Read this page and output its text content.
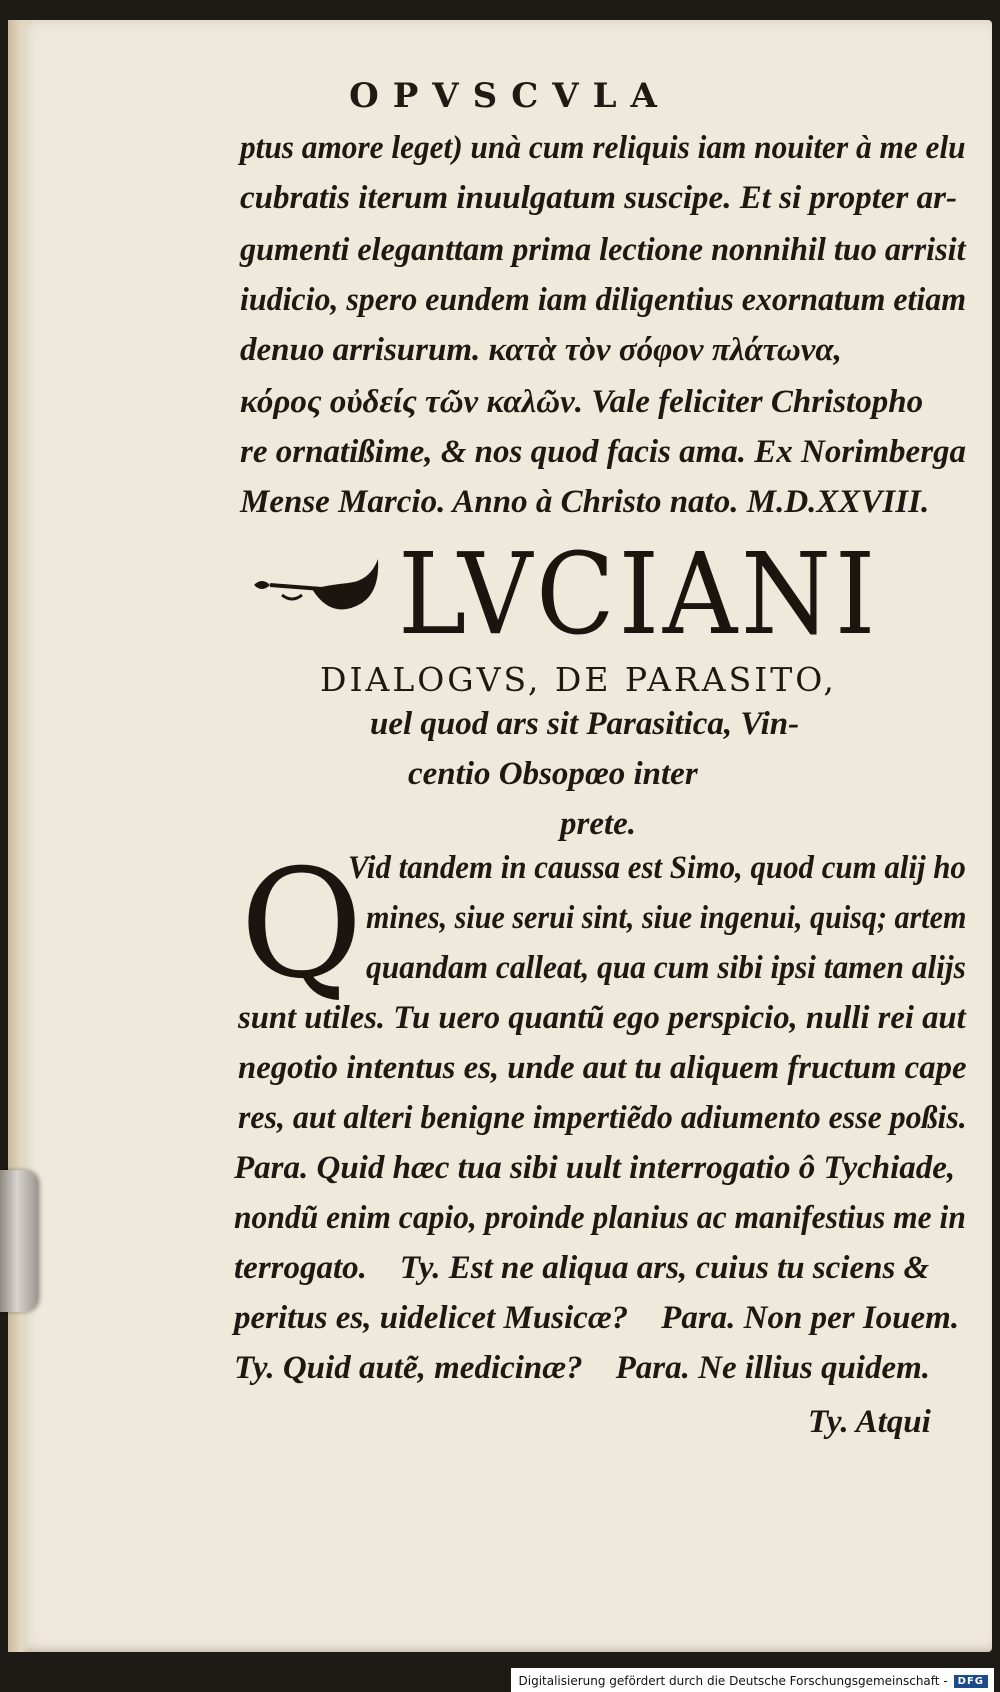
OPVSCVLA
ptus amore leget) unà cum reliquis iam nouiter à me elu
cubratis iterum inuulgatum suscipe. Et si propter ar-
gumenti eleganttam prima lectione nonnihil tuo arrisit
iudicio, spero eundem iam diligentius exornatum etiam
denuo arrisurum. κατὰ τὸν σόφον πλάτωνα,
κόρος οὐδείς τῶν καλῶν. Vale feliciter Christopho
re ornatißime, & nos quod facis ama. Ex Norimberga
Mense Marcio. Anno à Christo nato. M.D.XXVIII.
LVCIANI
DIALOGVS, DE PARASITO,
uel quod ars sit Parasitica, Vin-
centio Obsopœo inter
prete.
Q
Vid tandem in caussa est Simo, quod cum alij ho
mines, siue serui sint, siue ingenui, quisq; artem
quandam calleat, qua cum sibi ipsi tamen alijs
sunt utiles. Tu uero quantũ ego perspicio, nulli rei aut
negotio intentus es, unde aut tu aliquem fructum cape
res, aut alteri benigne impertiẽdo adiumento esse poßis.
Para. Quid hæc tua sibi uult interrogatio ô Tychiade,
nondũ enim capio, proinde planius ac manifestius me in
terrogato.    Ty. Est ne aliqua ars, cuius tu sciens &
peritus es, uidelicet Musicæ?    Para. Non per Iouem.
Ty. Quid autẽ, medicinæ?    Para. Ne illius quidem.
Ty. Atqui
Digitalisierung gefördert durch die Deutsche Forschungsgemeinschaft -	DFG
